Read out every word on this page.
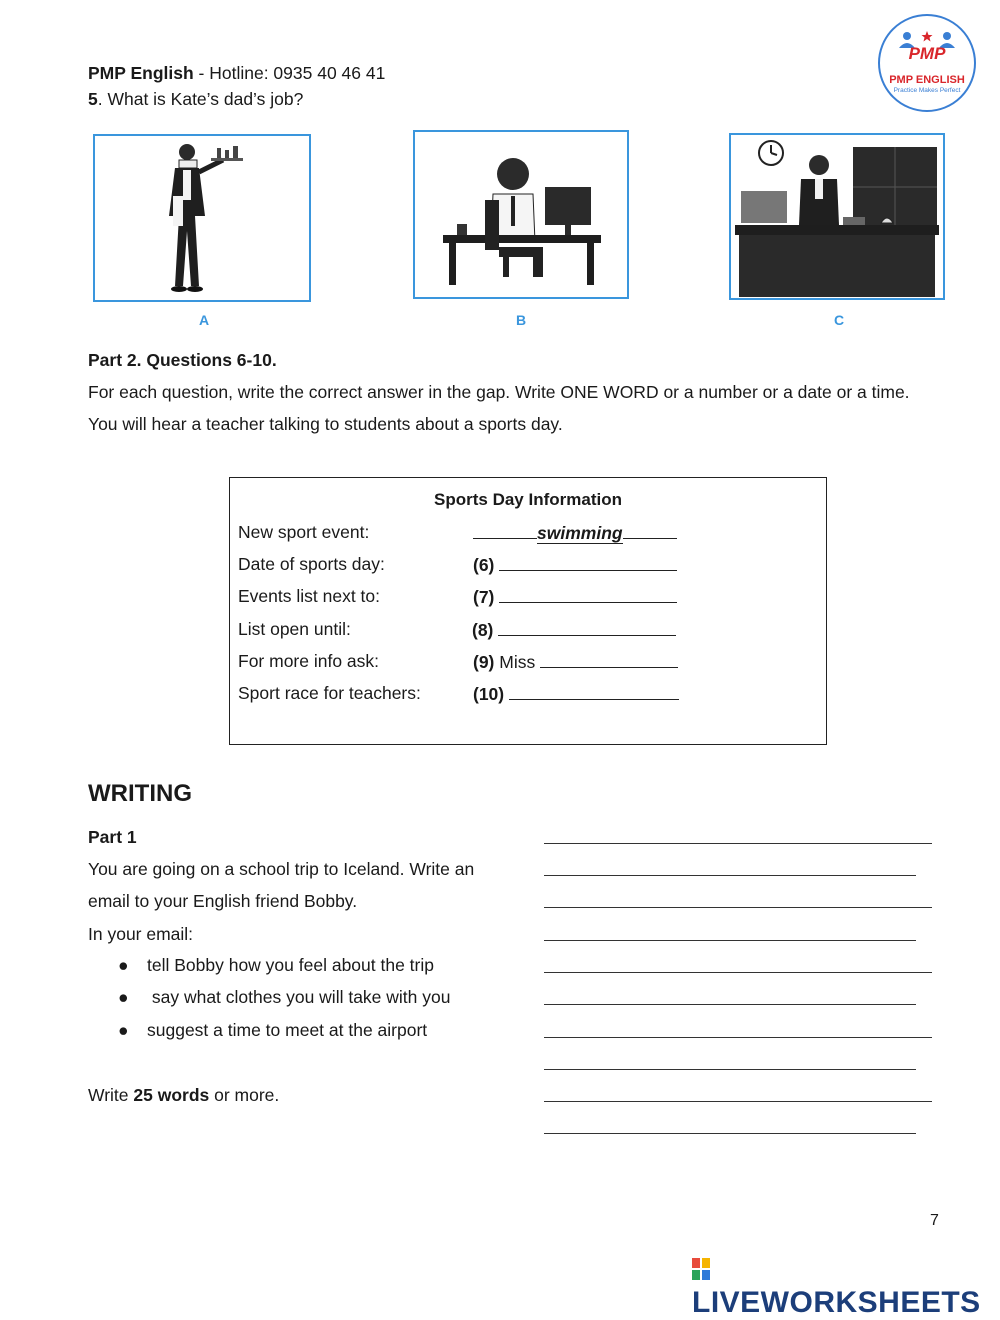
PMP English - Hotline: 0935 40 46 41
5. What is Kate’s dad’s job?
PMP
PMP ENGLISH
Practice Makes Perfect
A	B	C
Part 2. Questions 6-10.
For each question, write the correct answer in the gap. Write ONE WORD or a number or a date or a time.
You will hear a teacher talking to students about a sports day.
Sports Day Information
New sport event:	swimming
Date of sports day:	(6)
Events list next to:	(7)
List open until:	(8)
For more info ask:	(9) Miss
Sport race for teachers:	(10)
WRITING
Part 1
You are going on a school trip to Iceland. Write an
email to your English friend Bobby.
In your email:
● tell Bobby how you feel about the trip
● say what clothes you will take with you
● suggest a time to meet at the airport
Write 25 words or more.
7
LIVEWORKSHEETS
